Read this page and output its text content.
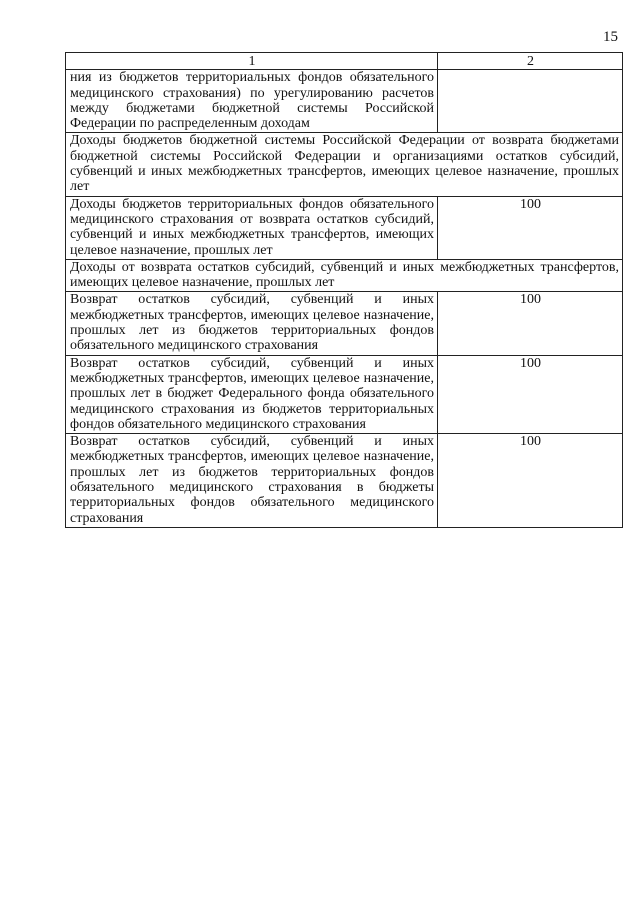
15
1	2
ния из бюджетов территориальных фондов обязательного медицинского страхования) по урегулированию расчетов между бюджетами бюджетной системы Российской Федерации по распределенным доходам	
Доходы бюджетов бюджетной системы Российской Федерации от возврата бюджетами бюджетной системы Российской Федерации и организациями остатков субсидий, субвенций и иных межбюджетных трансфертов, имеющих целевое назначение, прошлых лет	
Доходы бюджетов территориальных фондов обязательного медицинского страхования от возврата остатков субсидий, субвенций и иных межбюджетных трансфертов, имеющих целевое назначение, прошлых лет	100
Доходы от возврата остатков субсидий, субвенций и иных межбюджетных трансфертов, имеющих целевое назначение, прошлых лет	
Возврат остатков субсидий, субвенций и иных межбюджетных трансфертов, имеющих целевое назначение, прошлых лет из бюджетов территориальных фондов обязательного медицинского страхования	100
Возврат остатков субсидий, субвенций и иных межбюджетных трансфертов, имеющих целевое назначение, прошлых лет в бюджет Федерального фонда обязательного медицинского страхования из бюджетов территориальных фондов обязательного медицинского страхования	100
Возврат остатков субсидий, субвенций и иных межбюджетных трансфертов, имеющих целевое назначение, прошлых лет из бюджетов территориальных фондов обязательного медицинского страхования в бюджеты территориальных фондов обязательного медицинского страхования	100
